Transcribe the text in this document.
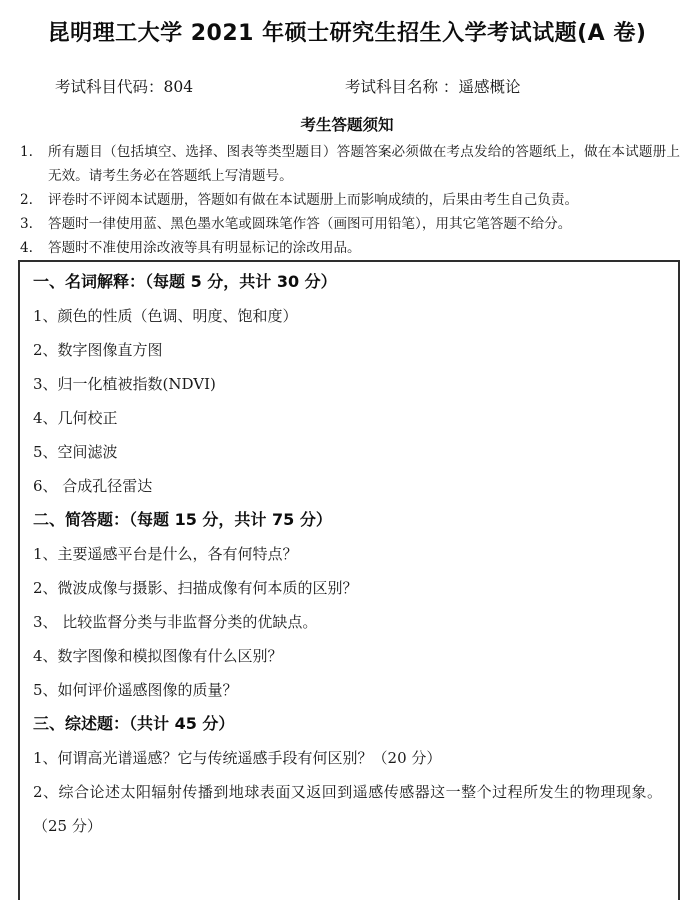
昆明理工大学 2021 年硕士研究生招生入学考试试题(A 卷)
考试科目代码：804	考试科目名称 ：遥感概论
考生答题须知
1.	所有题目（包括填空、选择、图表等类型题目）答题答案必须做在考点发给的答题纸上，做在本试题册上无效。请考生务必在答题纸上写清题号。
2.	评卷时不评阅本试题册，答题如有做在本试题册上而影响成绩的，后果由考生自己负责。
3.	答题时一律使用蓝、黑色墨水笔或圆珠笔作答（画图可用铅笔），用其它笔答题不给分。
4.	答题时不准使用涂改液等具有明显标记的涂改用品。
一、名词解释：（每题 5 分，共计 30 分）
1、颜色的性质（色调、明度、饱和度）
2、数字图像直方图
3、归一化植被指数(NDVI)
4、几何校正
5、空间滤波
6、 合成孔径雷达
二、简答题：（每题 15 分，共计 75 分）
1、主要遥感平台是什么，各有何特点？
2、微波成像与摄影、扫描成像有何本质的区别？
3、 比较监督分类与非监督分类的优缺点。
4、数字图像和模拟图像有什么区别？
5、如何评价遥感图像的质量？
三、综述题：（共计 45 分）
1、何谓高光谱遥感？它与传统遥感手段有何区别？（20 分）
2、综合论述太阳辐射传播到地球表面又返回到遥感传感器这一整个过程所发生的物理现象。（25 分）
